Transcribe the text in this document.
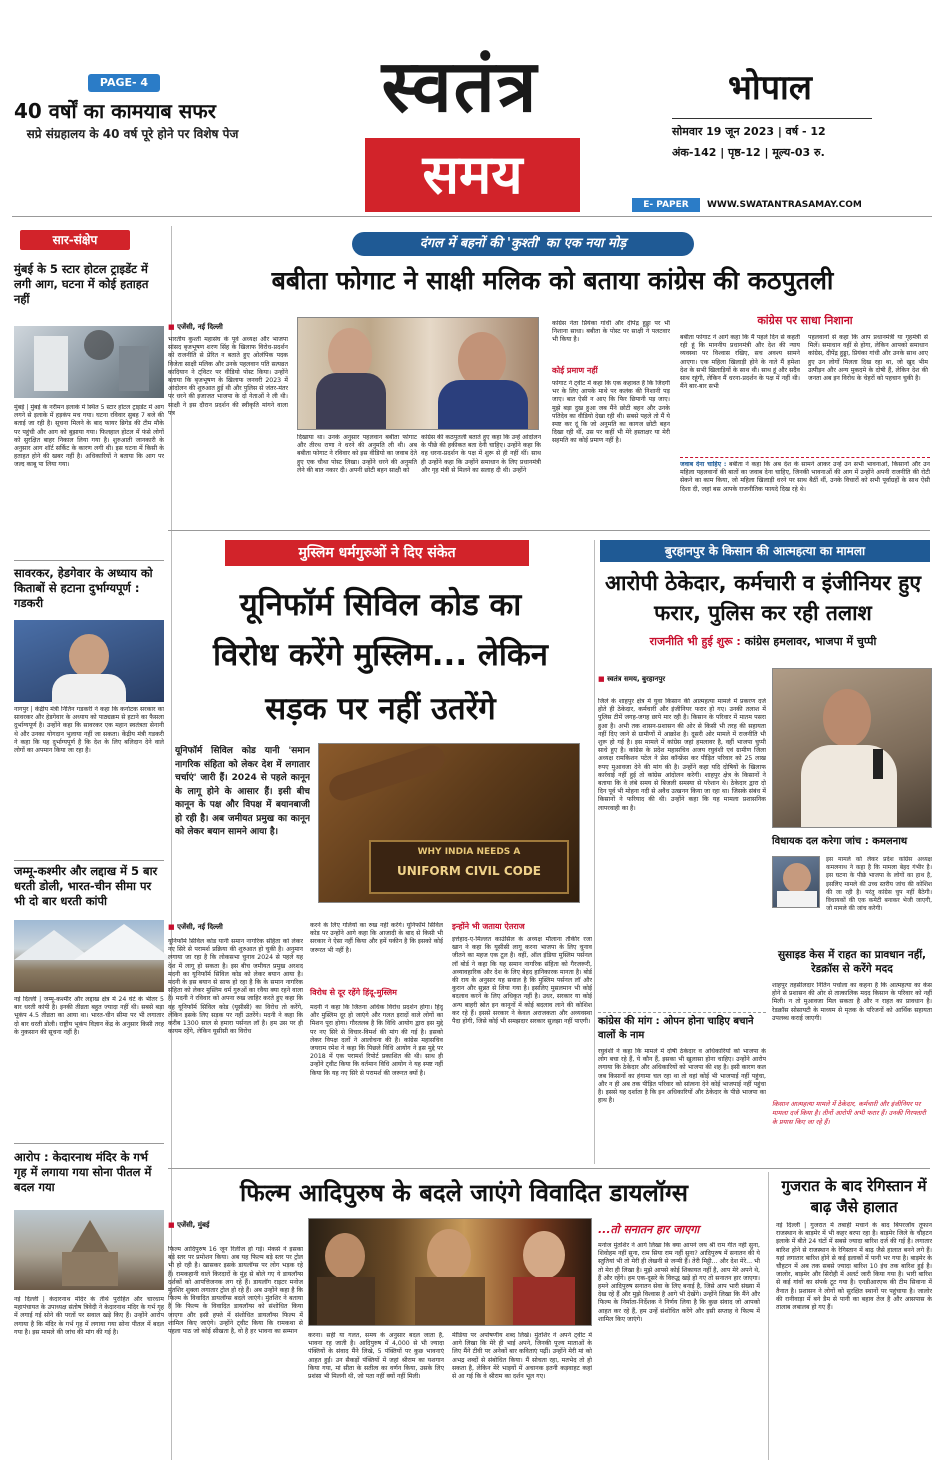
PAGE- 4
40 वर्षों का कामयाब सफर
सप्रे संग्रहालय के 40 वर्ष पूरे होने पर विशेष पेज
स्वतंत्र
समय
भोपाल
सोमवार 19 जून 2023 | वर्ष - 12
अंक-142 | पृष्ठ-12 | मूल्य-03 रु.
E- PAPER	WWW.SWATANTRASAMAY.COM
सार-संक्षेप
मुंबई के 5 स्टार होटल ट्राइडेंट में लगी आग, घटना में कोई हताहत नहीं
मुंबई | मुंबई के नरीमन इलाके में स्थित 5 स्टार होटल ट्राइडेंट में आग लगने से इलाके में हड़कंप मच गया। घटना रविवार सुबह 7 बजे की बताई जा रही है। सूचना मिलने के बाद फायर ब्रिगेड की टीम मौके पर पहुंची और आग को बुझाया गया। फिलहाल होटल में फंसे लोगों को सुरक्षित बाहर निकाल लिया गया है। शुरुआती जानकारी के अनुसार आग शॉर्ट सर्किट के कारण लगी थी। इस घटना में किसी के हताहत होने की खबर नहीं है। अधिकारियों ने बताया कि आग पर जल्द काबू पा लिया गया।
सावरकर, हेडगेवार के अध्याय को किताबों से हटाना दुर्भाग्यपूर्ण : गडकरी
नागपुर | केंद्रीय मंत्री नितिन गडकरी ने कहा कि कर्नाटक सरकार का सावरकर और हेडगेवार के अध्याय को पाठ्यक्रम से हटाने का फैसला दुर्भाग्यपूर्ण है। उन्होंने कहा कि सावरकर एक महान स्वतंत्रता सेनानी थे और उनका योगदान भुलाया नहीं जा सकता। केंद्रीय मंत्री गडकरी ने कहा कि यह दुर्भाग्यपूर्ण है कि देश के लिए बलिदान देने वाले लोगों का अपमान किया जा रहा है।
जम्मू-कश्मीर और लद्दाख में 5 बार धरती डोली, भारत-चीन सीमा पर भी दो बार धरती कांपी
नई दिल्ली | जम्मू-कश्मीर और लद्दाख क्षेत्र में 24 घंटे के भीतर 5 बार धरती कांपी है। इनकी तीव्रता बहुत ज्यादा नहीं थी। सबसे बड़ा भूकंप 4.5 तीव्रता का आया था। भारत-चीन सीमा पर भी लगातार दो बार धरती डोली। राष्ट्रीय भूकंप विज्ञान केंद्र के अनुसार किसी तरह के नुकसान की सूचना नहीं है।
आरोप : केदारनाथ मंदिर के गर्भ गृह में लगाया गया सोना पीतल में बदल गया
नई दिल्ली | केदारनाथ मंदिर के तीर्थ पुरोहित और चारधाम महापंचायत के उपाध्यक्ष संतोष त्रिवेदी ने केदारनाथ मंदिर के गर्भ गृह में लगाई गई सोने की परतों पर सवाल खड़े किए हैं। उन्होंने आरोप लगाया है कि मंदिर के गर्भ गृह में लगाया गया सोना पीतल में बदल गया है। इस मामले की जांच की मांग की गई है।
दंगल में बहनों की 'कुश्ती' का एक नया मोड़
बबीता फोगाट ने साक्षी मलिक को बताया कांग्रेस की कठपुतली
■ एजेंसी, नई दिल्ली
भारतीय कुश्ती महासंघ के पूर्व अध्यक्ष और भाजपा सांसद बृजभूषण शरण सिंह के खिलाफ विरोध-प्रदर्शन को राजनीति से प्रेरित न बताते हुए ओलंपिक पदक विजेता साक्षी मलिक और उनके पहलवान पति सत्यव्रत कादियान ने ट्विटर पर वीडियो पोस्ट किया। उन्होंने बताया कि बृजभूषण के खिलाफ जनवरी 2023 में आंदोलन की शुरुआत हुई थी और पुलिस से जंतर-मंतर पर धरने की इजाजत भाजपा के दो नेताओं ने ली थी। साक्षी ने इस दौरान प्रदर्शन की स्वीकृति मांगने वाला पत्र
दिखाया था। उनके अनुसार पहलवान बबीता फोगाट और तीरथ राणा ने धरने की अनुमति ली थी। अब बबीता फोगाट ने रविवार को इस वीडियो का जवाब देते हुए एक चौथा पोस्ट लिखा। उन्होंने धरने की अनुमति लेने की बात नकार दी। अपनी छोटी बहन साक्षी को
कांग्रेस की कठपुतली बताते हुए कहा कि उन्हें आंदोलन के पीछे की हकीकत बता देनी चाहिए। उन्होंने कहा कि वह धरना-प्रदर्शन के पक्ष में शुरू से ही नहीं थीं। साथ ही उन्होंने कहा कि उन्होंने समाधान के लिए प्रधानमंत्री और गृह मंत्री से मिलने का सलाह दी थी। उन्होंने
कांग्रेस नेता प्रियंका गांधी और दीपेंद्र हुड्डा पर भी निशाना साधा। बबीता के पोस्ट पर साक्षी ने पलटवार भी किया है।
कोई प्रमाण नहीं
फोगाट ने ट्वीट में कहा कि एक कहावत है कि जिंदगी भर के लिए आपके माथे पर कलंक की निशानी पड़ जाए। बात ऐसी न आए कि फिर छिपानी पड़ जाए। मुझे बड़ा दुख हुआ जब मैंने छोटी बहन और उनके पतिदेव का वीडियो देखा रही थी। सबसे पहले तो मैं ये स्पष्ट कर दूं कि जो अनुमति का कागज छोटी बहन दिखा रही थीं, उस पर कहीं भी मेरे हस्ताक्षर या मेरी सहमति का कोई प्रमाण नहीं है।
कांग्रेस पर साधा निशाना
बबीता फोगाट ने आगे कहा कि मैं पहले दिन से कहती रही हूं कि माननीय प्रधानमंत्री और देश की न्याय व्यवस्था पर विश्वास रखिए, सच अवश्य सामने आएगा। एक महिला खिलाड़ी होने के नाते मैं हमेशा देश के सभी खिलाड़ियों के साथ थी। साथ हूं और सदैव साथ रहूंगी, लेकिन मैं धरना-प्रदर्शन के पक्ष में नहीं थी। मैंने बार-बार सभी
पहलवानों से कहा कि आप प्रधानमंत्री या गृहमंत्री से मिलें। समाधान वहीं से होगा, लेकिन आपको समाधान कांग्रेस, दीपेंद्र हुड्डा, प्रियंका गांधी और उनके साथ आए हुए उन लोगों मिलता दिख रहा था, जो खुद भीम उत्पीड़न और अन्य मुकदमे के दोषी हैं, लेकिन देश की जनता अब इन विरोध के चेहरों को पहचान चुकी है।
जवाब देना चाहिए : बबीता ने कहा कि अब देश के सामने आकर उन्हें उन सभी भावनाओं, किसानों और उन महिला पहलवानों की बातों का जवाब देना चाहिए, जिनकी भावनाओं की आग में उन्होंने अपनी राजनीति की रोटी सेकने का काम किया, जो महिला खिलाड़ी धरने पर साथ बैठीं थीं, उनके विचारों को सभी पूर्वाग्रहों के साथ ऐसी दिशा दी, जहां बस आपके राजनीतिक फायदे दिख रहे थे।
मुस्लिम धर्मगुरुओं ने दिए संकेत
यूनिफॉर्म सिविल कोड का
विरोध करेंगे मुस्लिम... लेकिन
सड़क पर नहीं उतरेंगे
यूनिफॉर्म सिविल कोड यानी 'समान नागरिक संहिता को लेकर देश में लगातार चर्चाएं' जारी हैं। 2024 से पहले कानून के लागू होने के आसार हैं। इसी बीच कानून के पक्ष और विपक्ष में बयानबाजी हो रही है। अब जमीयत प्रमुख का कानून को लेकर बयान सामने आया है।
WHY INDIA NEEDS A
UNIFORM CIVIL CODE
■ एजेंसी, नई दिल्ली
यूनिफॉर्म सिविल कोड यानी समान नागरिक संहिता को लेकर नए सिरे से परामर्श प्रक्रिया की शुरुआत हो चुकी है। अनुमान लगाया जा रहा है कि लोकसभा चुनाव 2024 से पहले यह देश में लागू हो सकता है। इस बीच जमीयत प्रमुख अरशद मदनी का यूनिफॉर्म सिविल कोड को लेकर बयान आया है। मदनी के इस बयान से साफ हो रहा है कि के समान नागरिक संहिता को लेकर मुस्लिम धर्म गुरुओं का रवैया क्या रहने वाला है। मदनी ने रविवार को अपना रुख जाहिर करते हुए कहा कि वह यूनिफॉर्म सिविल कोड (यूसीसी) का विरोध तो करेंगे, लेकिन इसके लिए सड़क पर नहीं उतरेंगे। मदनी ने कहा कि करीब 1300 साल से हमारा पर्सनल लॉ है। हम उस पर ही कायम रहेंगे, लेकिन यूसीसी का विरोध
करने के लिए गलियों का रुख नहीं करेंगे। यूनिफॉर्म सिविल कोड पर उन्होंने आगे कहा कि आजादी के बाद से किसी भी सरकार ने ऐसा नहीं किया और हमें यकीन है कि इसको कोई जरूरत भी नहीं है।
विरोध से दूर रहेंगे हिंदू-मुस्लिम
मदनी ने कहा कि जितना अधिक विरोध प्रदर्शन होगा। हिंदू और मुस्लिम दूर हो जाएंगे और गलत इरादों वाले लोगों का मिशन पूरा होगा। गौरतलब है कि विधि आयोग द्वारा इस मुद्दे पर नए सिरे से विचार-विमर्श की मांग की गई है। इसको लेकर विपक्ष दलों ने आलोचना की है। कांग्रेस महासचिव जयराम रमेश ने कहा कि पिछले विधि आयोग ने इस मुद्दे पर 2018 में एक परामर्श रिपोर्ट प्रकाशित की थी। साथ ही उन्होंने ट्वीट किया कि वर्तमान विधि आयोग ने यह स्पष्ट नहीं किया कि यह नए सिरे से परामर्श की जरूरत क्यों है।
इन्होंने भी जताया ऐतराज
इत्तेहाद-ए-मिल्लत काउंसिल के अध्यक्ष मौलाना तौकीर रजा खान ने कहा कि यूसीसी लागू करना भाजपा के लिए चुनाव जीतने का महज एक टूल है। वहीं, ऑल इंडिया मुस्लिम पर्सनल लॉ बोर्ड ने कहा कि यह समान नागरिक संहिता को गैरजरूरी, अव्यावहारिक और देश के लिए बेहद हानिकारक मानता है। बोर्ड की राय के अनुसार यह सवाल है कि मुस्लिम पर्सनल लॉ और कुरान और सुन्नत से लिया गया है। इसलिए मुसलमान भी कोई बदलाव करने के लिए अधिकृत नहीं है। उधर, सरकार या कोई अन्य बाहरी स्रोत इन कानूनों में कोई बदलाव लाने की कोशिश कर रहे हैं। इससे सरकार ने केवल अराजकता और अव्यवस्था पैदा होगी, जिसे कोई भी समझदार सरकार सुलझा नहीं पाएगी।
बुरहानपुर के किसान की आत्महत्या का मामला
आरोपी ठेकेदार, कर्मचारी व इंजीनियर हुए फरार, पुलिस कर रही तलाश
राजनीति भी हुई शुरू : कांग्रेस हमलावर, भाजपा में चुप्पी
■ स्वतंत्र समय, बुरहानपुर
जिले के शाहपुर क्षेत्र में युवा किसान की आत्महत्या मामले में प्रकरण दर्ज होते ही ठेकेदार, कर्मचारी और इंजीनियर फरार हो गए। उनकी तलाश में पुलिस टीमें जगह-जगह छापे मार रही है। किसान के परिवार में मातम पसरा हुआ है। अभी तक शासन-प्रशासन की ओर से किसी भी तरह की सहायता नहीं दिए जाने से ग्रामीणों में आक्रोश है। दूसरी ओर मामले में राजनीति भी शुरू हो गई है। इस मामले में कांग्रेस जहां हमलावर है, वहीं भाजपा चुप्पी साधे हुए है। कांग्रेस के प्रदेश महासचिव अजय रघुवंशी एवं ग्रामीण जिला अध्यक्ष रामकिशन पटेल ने प्रेस कॉन्फ्रेंस कर पीड़ित परिवार को 25 लाख रुपए मुआवजा देने की मांग की है। उन्होंने कहा यदि दोषियों के खिलाफ कार्रवाई नहीं हुई तो कांग्रेस आंदोलन करेगी। शाहपुर क्षेत्र के किसानों ने बताया कि वे लंबे समय से बिजली समस्या से परेशान थे। ठेकेदार द्वारा दो दिन पूर्व भी मोहना नदी से अवैध उत्खनन किया जा रहा था। जिसके संबंध में किसानों ने फरियाद की थी। उन्होंने कहा कि यह मामला प्रशासनिक लापरवाही का है।
कांग्रेस की मांग : ओपन होना चाहिए बचाने वालों के नाम
रघुवंशी ने कहा कि मामले में दोषी ठेकेदार व अधिकारियों को भाजपा के लोग बचा रहे हैं, ये कौन हैं, इसका भी खुलासा होना चाहिए। उन्होंने आरोप लगाया कि ठेकेदार और अधिकारियों को भाजपा की शह है। इसी कारण कल जब किसानों का हंगामा चल रहा था तो वहां कोई भी भाजपाई नहीं पहुंचा, और न ही अब तक पीड़ित परिवार को सांत्वना देने कोई भाजपाई नहीं पहुंचा है। इससे यह दर्शाता है कि इन अधिकारियों और ठेकेदार के पीछे भाजपा का हाथ है।
विधायक दल करेगा जांच : कमलनाथ
इस मामले को लेकर प्रदेश कांग्रेस अध्यक्ष कमलनाथ ने कहा है कि मामला बेहद गंभीर है। इस घटना के पीछे भाजपा के लोगों का हाथ है, इसलिए मामले की उच्च स्तरीय जांच की कोशिश की जा रही है। परंतु कांग्रेस चुप नहीं बैठेगी। विधायकों की एक कमेटी बनाकर भेजी जाएगी, जो मामले की जांच करेगी।
सुसाइड केस में राहत का प्रावधान नहीं, रेडक्रॉस से करेंगे मदद
शाहपुर तहसीलदार नितिन पर्चोला का कहना है कि आत्महत्या का केस होने से प्रशासन की ओर से तात्कालिक मदद किसान के परिवार को नहीं मिली। न तो मुआवजा मिल सकता है और न राहत का प्रावधान है। रेडक्रॉस सोसायटी के माध्यम से मृतक के परिजनों को आर्थिक सहायता उपलब्ध कराई जाएगी।
किसान आत्महत्या मामले में ठेकेदार, कर्मचारी और इंजीनियर पर मामला दर्ज किया है। तीनों आरोपी अभी फरार हैं। उनकी गिरफ्तारी के प्रयास किए जा रहे हैं।
फिल्म आदिपुरुष के बदले जाएंगे विवादित डायलॉग्स
■ एजेंसी, मुंबई
फिल्म आदिपुरुष 16 जून रिलीज हो गई। मेकर्स ने इसका बड़े स्तर पर प्रमोशन किया। अब यह फिल्म बड़े स्तर पर ट्रोल भी हो रही है। खासकर इसके डायलॉग्स पर लोग भड़क रहे हैं। रामकहानी वाले किरदारों के मुंह से बोले गए ये डायलॉग्स दर्शकों को आपत्तिजनक लग रहे हैं। डायलॉग राइटर मनोज मुंतशिर शुक्ला लगातार ट्रोल हो रहे हैं। अब उन्होंने कहा है कि फिल्म के विवादित डायलॉग्स बदले जाएंगे। मुंतशिर ने बताया है कि फिल्म के विवादित डायलॉग्स को संशोधित किया जाएगा और इसी हफ्ते में संशोधित डायलॉग्स फिल्म में शामिल किए जाएंगे। उन्होंने ट्वीट किया कि रामकथा से पहला पाठ जो कोई सीखता है, वो है हर भावना का सम्मान
करना। सही या गलत, समय के अनुसार बदल जाता है, भावना रह जाती है। आदिपुरुष में 4,000 से भी ज्यादा पंक्तियों के संवाद मैंने लिखे, 5 पंक्तियों पर कुछ भावनाएं आहत हुईं। उन सैकड़ों पंक्तियों में जहां श्रीराम का यशगान किया गया, मां सीता के सतीत्व का वर्णन किया, उसके लिए प्रशंसा भी मिलनी थी, जो पता नहीं क्यों नहीं मिली।
मीडिया पर अपोषणीय शब्द लिखे। मुंतशिर ने अपने ट्वीट में आगे लिखा कि मेरे ही भाई अपने, जिनकी पूज्य माताओं के लिए मैंने टीवी पर अनेकों बार कविताएं पढ़ीं। उन्होंने मेरी मां को अभद्र शब्दों से संबोधित किया। मैं सोचता रहा, मतभेद तो हो सकता है, लेकिन मेरे भाइयों में अचानक इतनी कड़वाहट कहां से आ गई कि वे श्रीराम का दर्शन भूल गए।
...तो सनातन हार जाएगा
मनोज मुंतशिर ने आगे लिखा कि क्या आपने जय श्री राम गीत नहीं सुना, शिवोहम नहीं सुना, राम सिया राम नहीं सुना? आदिपुरुष में सनातन की ये स्तुतियां भी तो मेरी ही लेखनी से जन्मी हैं। तेरी मिट्टी... और देश मेरे... भी तो मेरा ही लिखा है। मुझे आपसे कोई शिकायत नहीं है, आप मेरे अपने थे, हैं और रहेंगे। हम एक-दूसरे के विरुद्ध खड़े हो गए तो सनातन हार जाएगा। हमने आदिपुरुष सनातन सेवा के लिए बनाई है, जिसे आप भारी संख्या में देख रहे हैं और मुझे विश्वास है आगे भी देखेंगे। उन्होंने लिखा कि मैंने और फिल्म के निर्माता-निर्देशक ने निर्णय लिया है कि कुछ संवाद जो आपको आहत कर रहे हैं, हम उन्हें संशोधित करेंगे और इसी सप्ताह वे फिल्म में शामिल किए जाएंगे।
गुजरात के बाद रेगिस्तान में बाढ़ जैसे हालात
नई दिल्ली | गुजरात में तबाही मचाने के बाद बिपरजॉय तूफान राजस्थान के बाड़मेर में भी कहर बरपा रहा है। बाड़मेर जिले के चौहटन इलाके में बीते 24 घंटों में सबसे ज्यादा बारिश दर्ज की गई है। लगातार बारिश होने से राजस्थान के रेगिस्तान में बाढ़ जैसे हालात बनने लगे हैं। यहां लगातार बारिश होने से कई इलाकों में पानी भर गया है। बाड़मेर के चौहटन में अब तक सबसे ज्यादा बारिश 10 इंच तक बारिश हुई है। जालोर, बाड़मेर और सिरोही में अलर्ट जारी किया गया है। भारी बारिश से कई गांवों का संपर्क टूट गया है। एनडीआरएफ की टीम सिवाना में तैनात है। प्रशासन ने लोगों को सुरक्षित स्थानों पर पहुंचाया है। जालोर की रानीवाड़ा में बने डैम से पानी का बहाव तेज है और आसपास के तालाब लबालब हो गए हैं।
